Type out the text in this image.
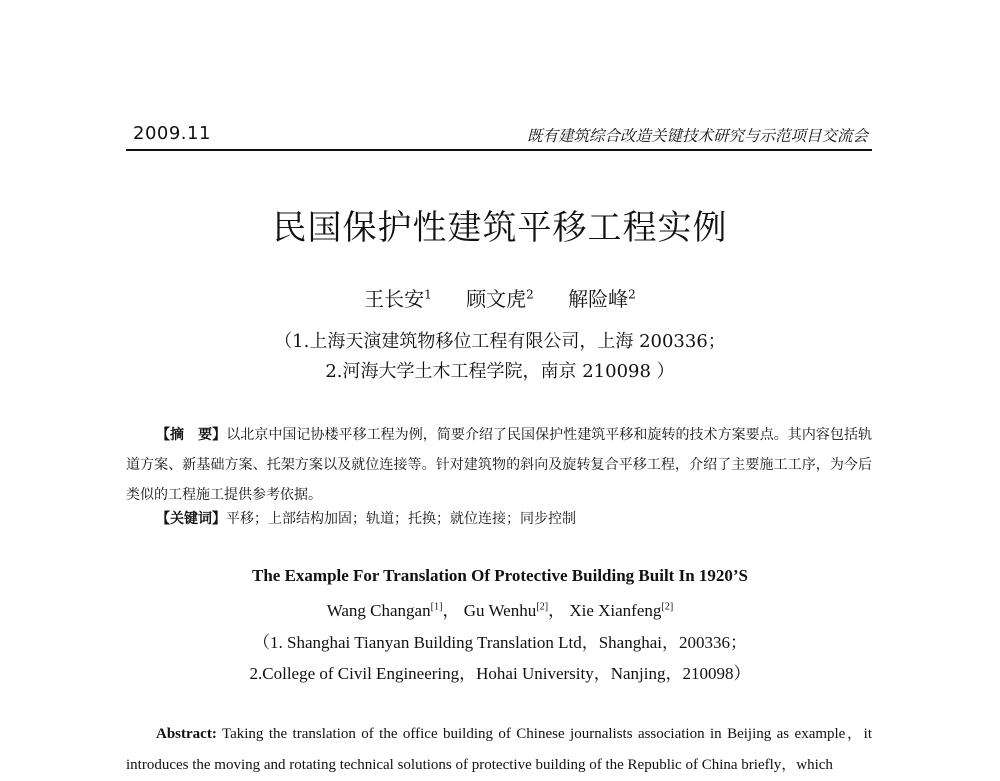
2009.11	既有建筑综合改造关键技术研究与示范项目交流会
民国保护性建筑平移工程实例
王长安$^1$ 顾文虎$^2$ 解险峰$^2$
（1.上海天演建筑物移位工程有限公司，上海 200336；
2.河海大学土木工程学院，南京 210098 ）
【摘　要】以北京中国记协楼平移工程为例，简要介绍了民国保护性建筑平移和旋转的技术方案要点。其内容包括轨道方案、新基础方案、托架方案以及就位连接等。针对建筑物的斜向及旋转复合平移工程，介绍了主要施工工序，为今后类似的工程施工提供参考依据。
【关键词】平移；上部结构加固；轨道；托换；就位连接；同步控制
The Example For Translation Of Protective Building Built In 1920’S
Wang Changan[1]， Gu Wenhu[2]， Xie Xianfeng[2]
（1. Shanghai Tianyan Building Translation Ltd，Shanghai，200336；
2.College of Civil Engineering，Hohai University，Nanjing，210098）
Abstract: Taking the translation of the office building of Chinese journalists association in Beijing as example，it introduces the moving and rotating technical solutions of protective building of the Republic of China briefly，which
